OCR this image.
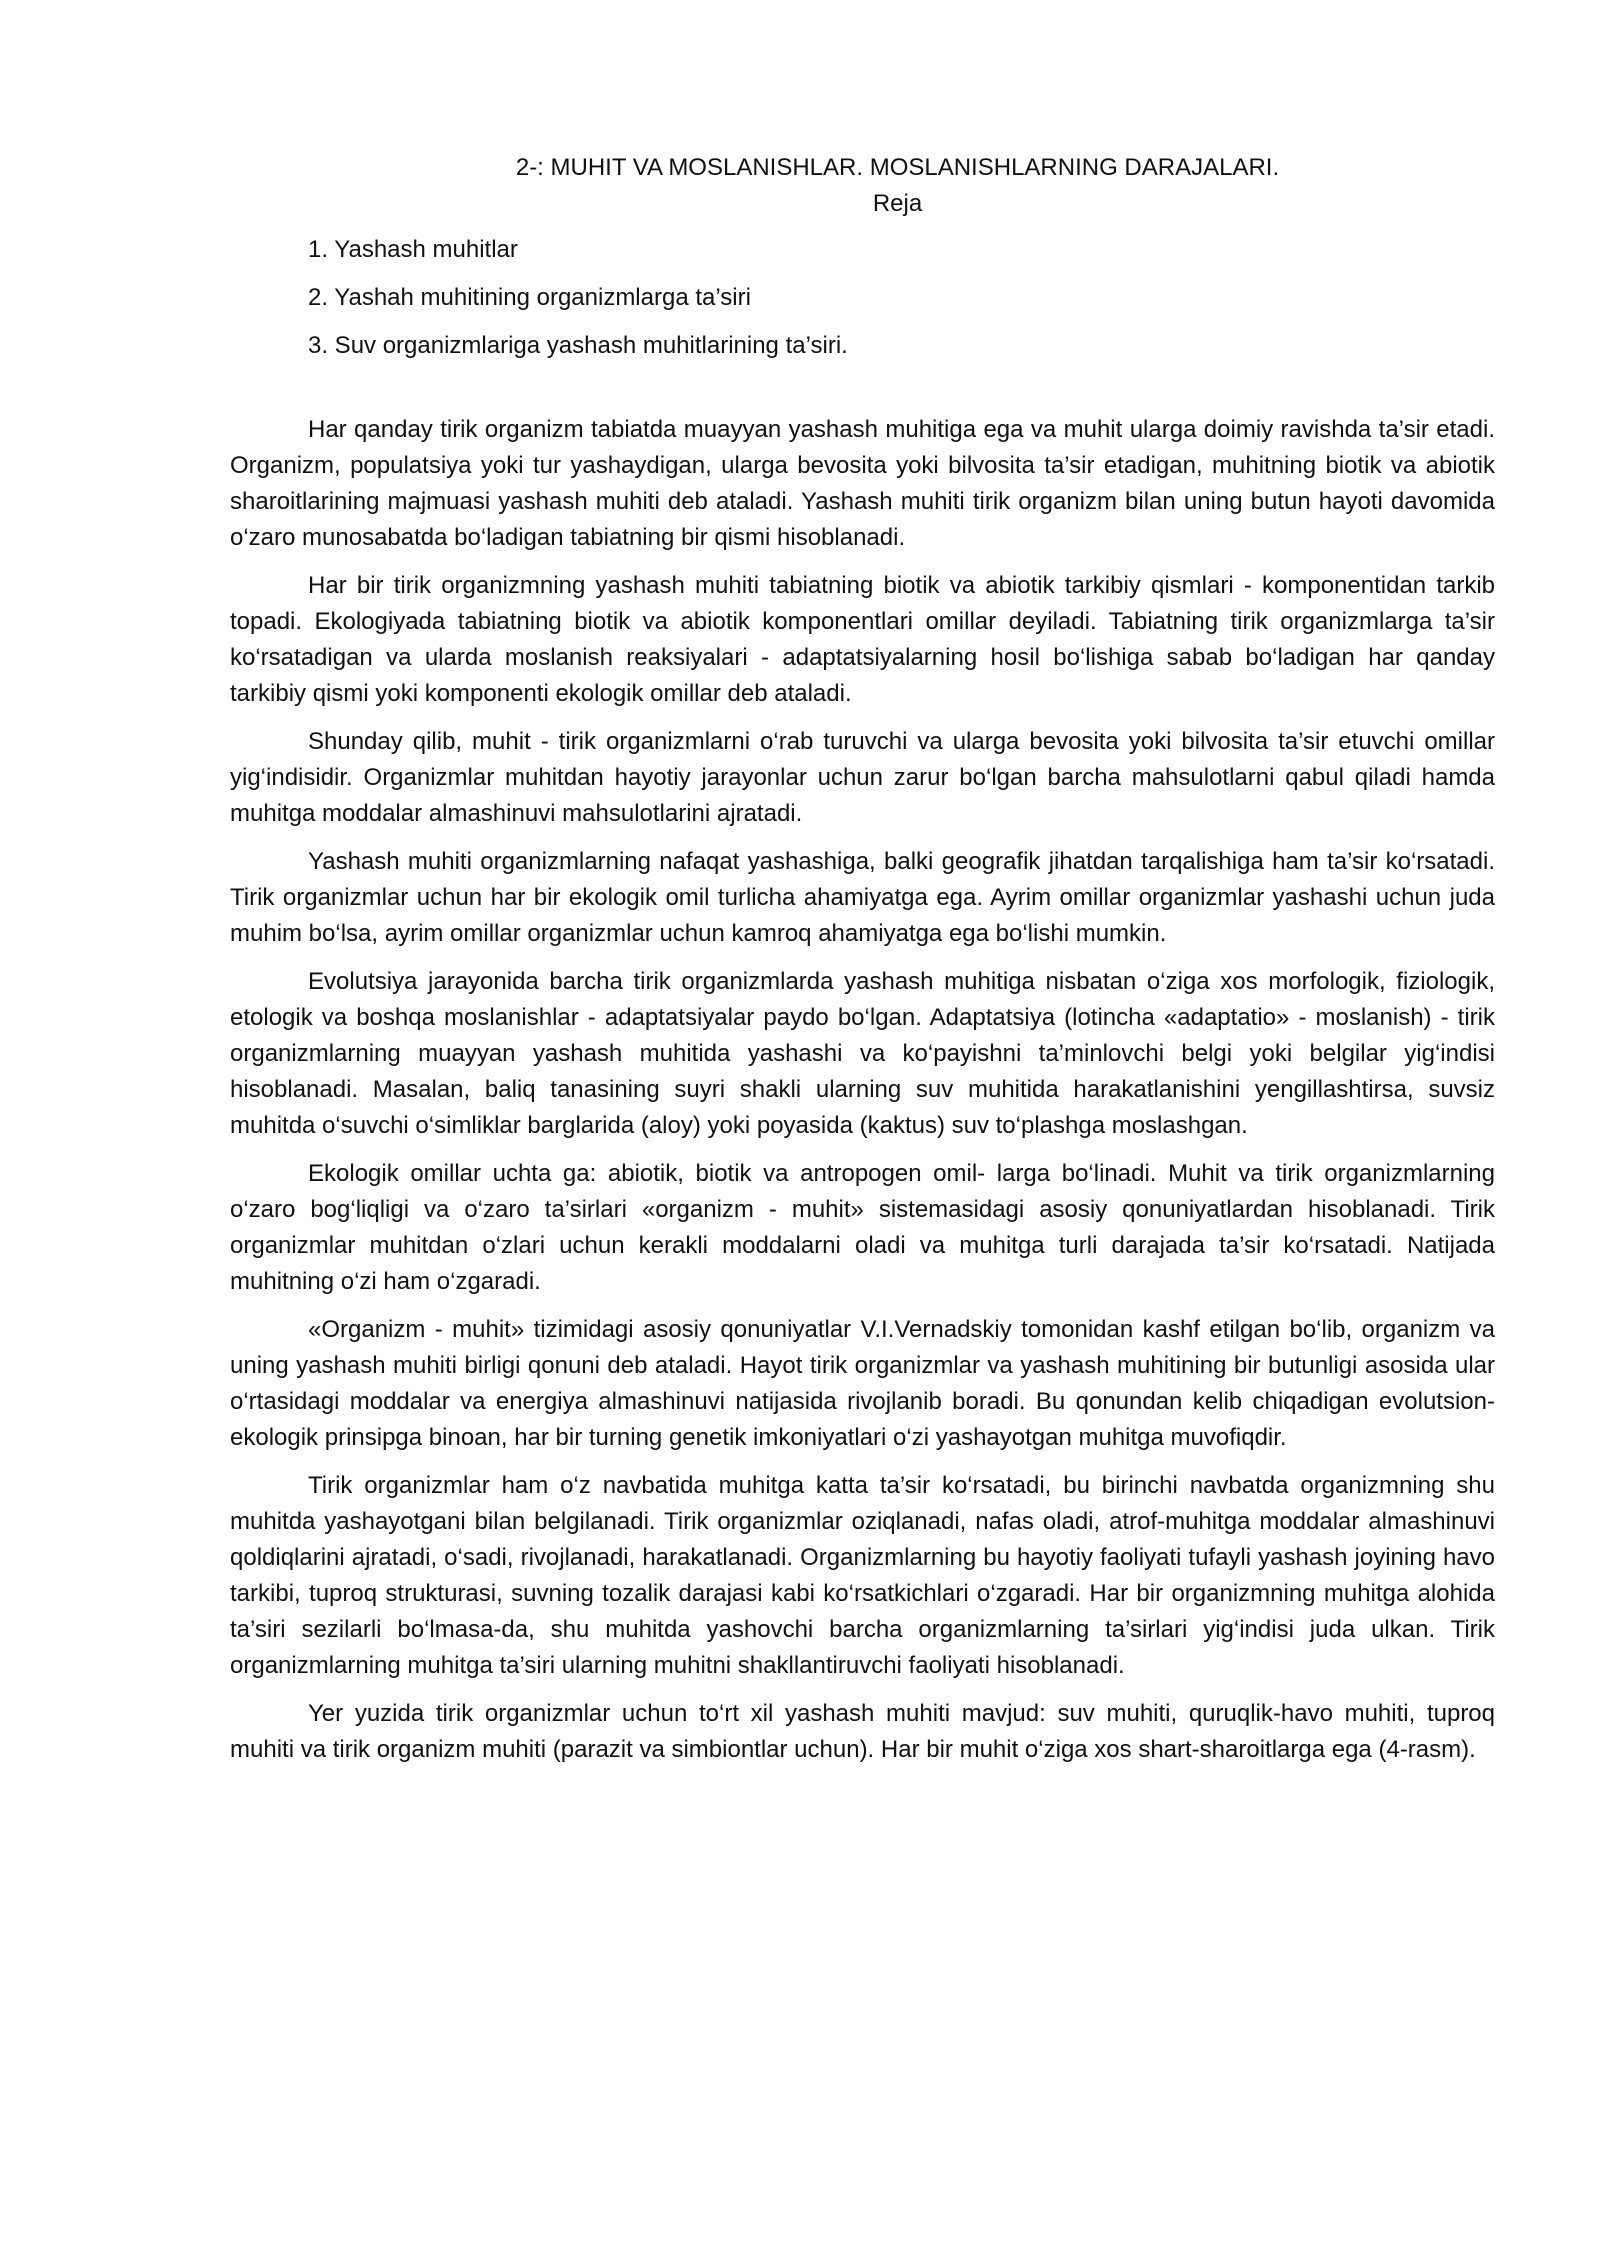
2-: MUHIT VA MOSLANISHLAR. MOSLANISHLARNING DARAJALARI.
Reja
1. Yashash muhitlar
2. Yashah muhitining organizmlarga ta’siri
3. Suv organizmlariga yashash muhitlarining ta’siri.

Har qanday tirik organizm tabiatda muayyan yashash muhitiga ega va muhit ularga doimiy ravishda ta’sir etadi. Organizm, populatsiya yoki tur yashaydigan, ularga bevosita yoki bilvosita ta’sir etadigan, muhitning biotik va abiotik sharoitlarining majmuasi yashash muhiti deb ataladi. Yashash muhiti tirik organizm bilan uning butun hayoti davomida o‘zaro munosabatda bo‘ladigan tabiatning bir qismi hisoblanadi.

Har bir tirik organizmning yashash muhiti tabiatning biotik va abiotik tarkibiy qismlari - komponentidan tarkib topadi. Ekologiyada tabiatning biotik va abiotik komponentlari omillar deyiladi. Tabiatning tirik organizmlarga ta’sir ko‘rsatadigan va ularda moslanish reaksiyalari - adaptatsiyalarning hosil bo‘lishiga sabab bo‘ladigan har qanday tarkibiy qismi yoki komponenti ekologik omillar deb ataladi.

Shunday qilib, muhit - tirik organizmlarni o‘rab turuvchi va ularga bevosita yoki bilvosita ta’sir etuvchi omillar yig‘indisidir. Organizmlar muhitdan hayotiy jarayonlar uchun zarur bo‘lgan barcha mahsulotlarni qabul qiladi hamda muhitga moddalar almashinuvi mahsulotlarini ajratadi.

Yashash muhiti organizmlarning nafaqat yashashiga, balki geografik jihatdan tarqalishiga ham ta’sir ko‘rsatadi. Tirik organizmlar uchun har bir ekologik omil turlicha ahamiyatga ega. Ayrim omillar organizmlar yashashi uchun juda muhim bo‘lsa, ayrim omillar organizmlar uchun kamroq ahamiyatga ega bo‘lishi mumkin.

Evolutsiya jarayonida barcha tirik organizmlarda yashash muhitiga nisbatan o‘ziga xos morfologik, fiziologik, etologik va boshqa moslanishlar - adaptatsiyalar paydo bo‘lgan. Adaptatsiya (lotincha «adaptatio» - moslanish) - tirik organizmlarning muayyan yashash muhitida yashashi va ko‘payishni ta’minlovchi belgi yoki belgilar yig‘indisi hisoblanadi. Masalan, baliq tanasining suyri shakli ularning suv muhitida harakatlanishini yengillashtirsa, suvsiz muhitda o‘suvchi o‘simliklar barglarida (aloy) yoki poyasida (kaktus) suv to‘plashga moslashgan.

Ekologik omillar uchta ga: abiotik, biotik va antropogen omil- larga bo‘linadi. Muhit va tirik organizmlarning o‘zaro bog‘liqligi va o‘zaro ta’sirlari «organizm - muhit» sistemasidagi asosiy qonuniyatlardan hisoblanadi. Tirik organizmlar muhitdan o‘zlari uchun kerakli moddalarni oladi va muhitga turli darajada ta’sir ko‘rsatadi. Natijada muhitning o‘zi ham o‘zgaradi.

«Organizm - muhit» tizimidagi asosiy qonuniyatlar V.I.Vernadskiy tomonidan kashf etilgan bo‘lib, organizm va uning yashash muhiti birligi qonuni deb ataladi. Hayot tirik organizmlar va yashash muhitining bir butunligi asosida ular o‘rtasidagi moddalar va energiya almashinuvi natijasida rivojlanib boradi. Bu qonundan kelib chiqadigan evolutsion-ekologik prinsipga binoan, har bir turning genetik imkoniyatlari o‘zi yashayotgan muhitga muvofiqdir.

Tirik organizmlar ham o‘z navbatida muhitga katta ta’sir ko‘rsatadi, bu birinchi navbatda organizmning shu muhitda yashayotgani bilan belgilanadi. Tirik organizmlar oziqlanadi, nafas oladi, atrof-muhitga moddalar almashinuvi qoldiqlarini ajratadi, o‘sadi, rivojlanadi, harakatlanadi. Organizmlarning bu hayotiy faoliyati tufayli yashash joyining havo tarkibi, tuproq strukturasi, suvning tozalik darajasi kabi ko‘rsatkichlari o‘zgaradi. Har bir organizmning muhitga alohida ta’siri sezilarli bo‘lmasa-da, shu muhitda yashovchi barcha organizmlarning ta’sirlari yig‘indisi juda ulkan. Tirik organizmlarning muhitga ta’siri ularning muhitni shakllantiruvchi faoliyati hisoblanadi.

Yer yuzida tirik organizmlar uchun to‘rt xil yashash muhiti mavjud: suv muhiti, quruqlik-havo muhiti, tuproq muhiti va tirik organizm muhiti (parazit va simbiontlar uchun). Har bir muhit o‘ziga xos shart-sharoitlarga ega (4-rasm).
